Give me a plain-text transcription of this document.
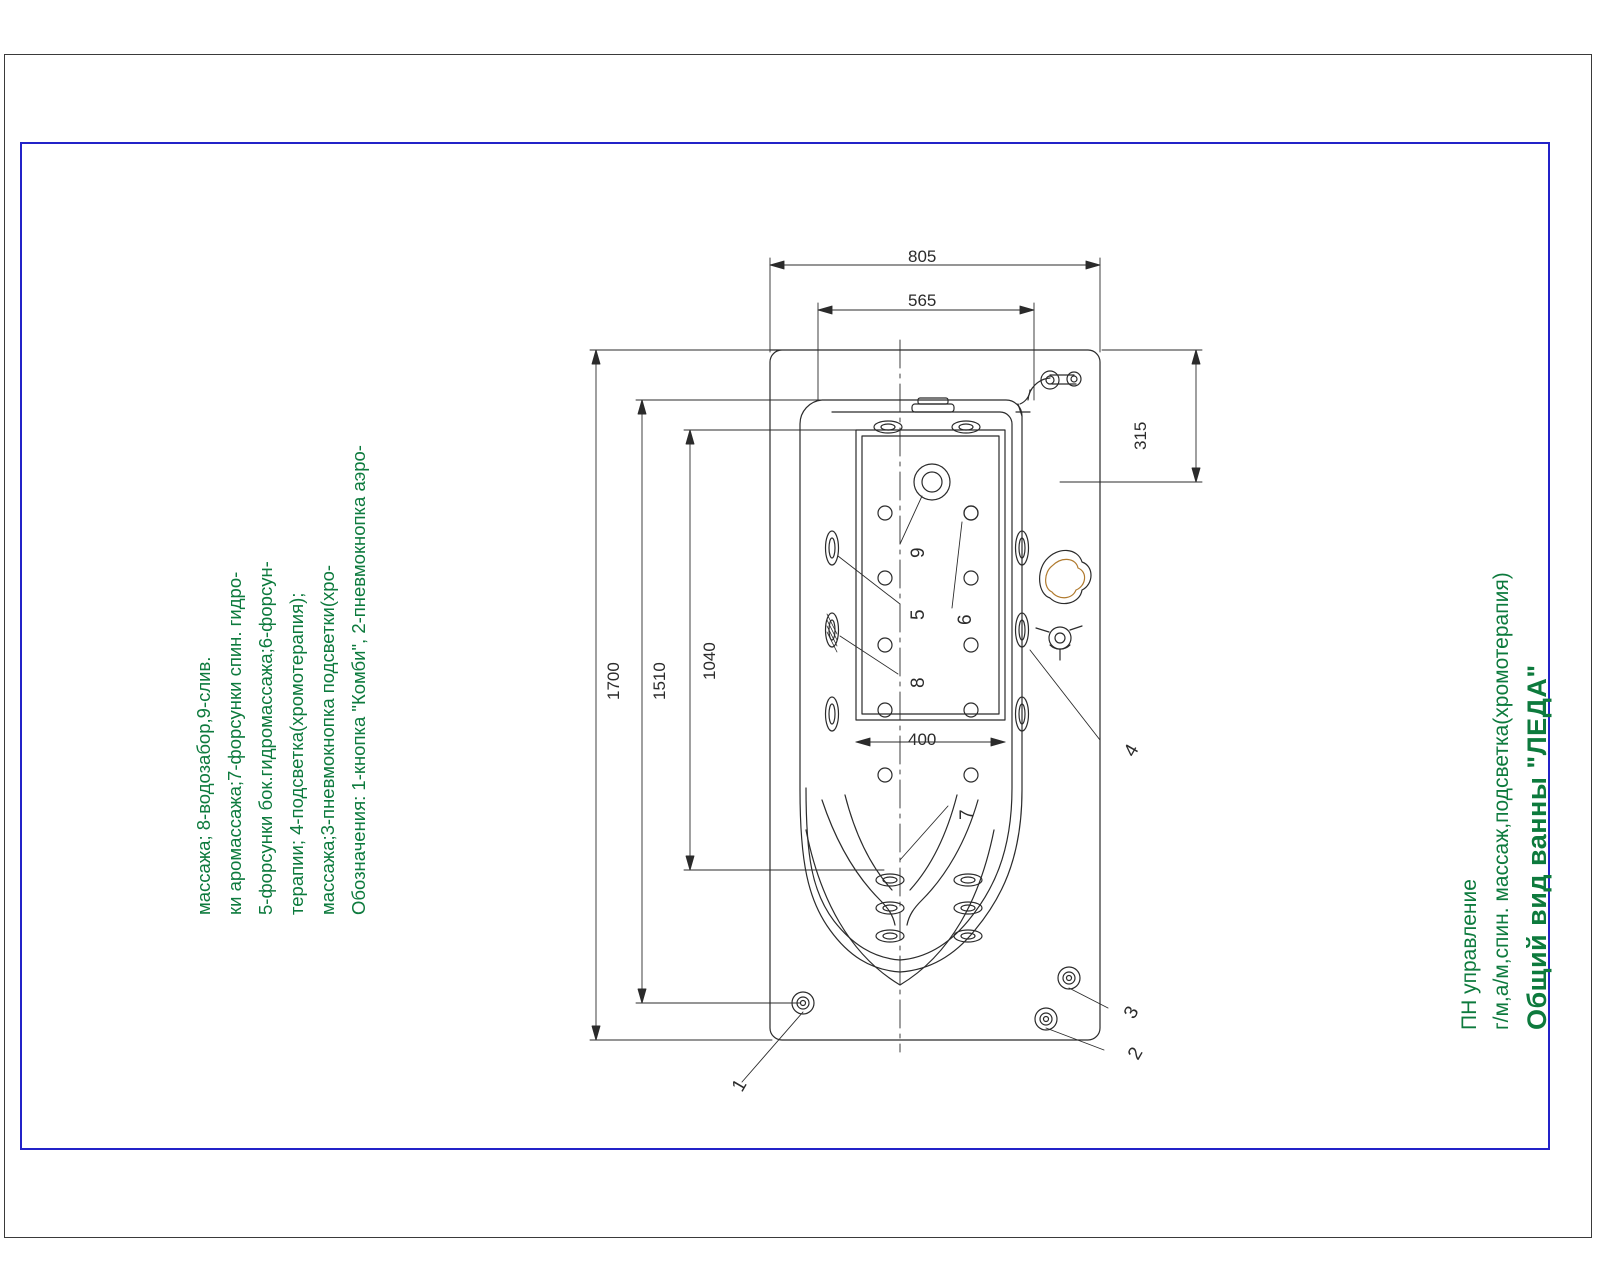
Общий вид ванны "ЛЕДА"
г/м,а/м,спин. массаж,подсветка(хромотерапия)
ПН управление
Обозначения: 1-кнопка "Комби", 2-пневмокнопка аэро-
массажа;3-пневмокнопка подсветки(хро-
терапии; 4-подсветка(хромотерапия);
5-форсунки бок.гидромассажа;6-форсун-
ки аромассажа;7-форсунки спин. гидро-
массажа; 8-водозабор,9-слив.
805
565
400
1700 1510
1040
315
1
2
3
4
5 6
7
8
9
